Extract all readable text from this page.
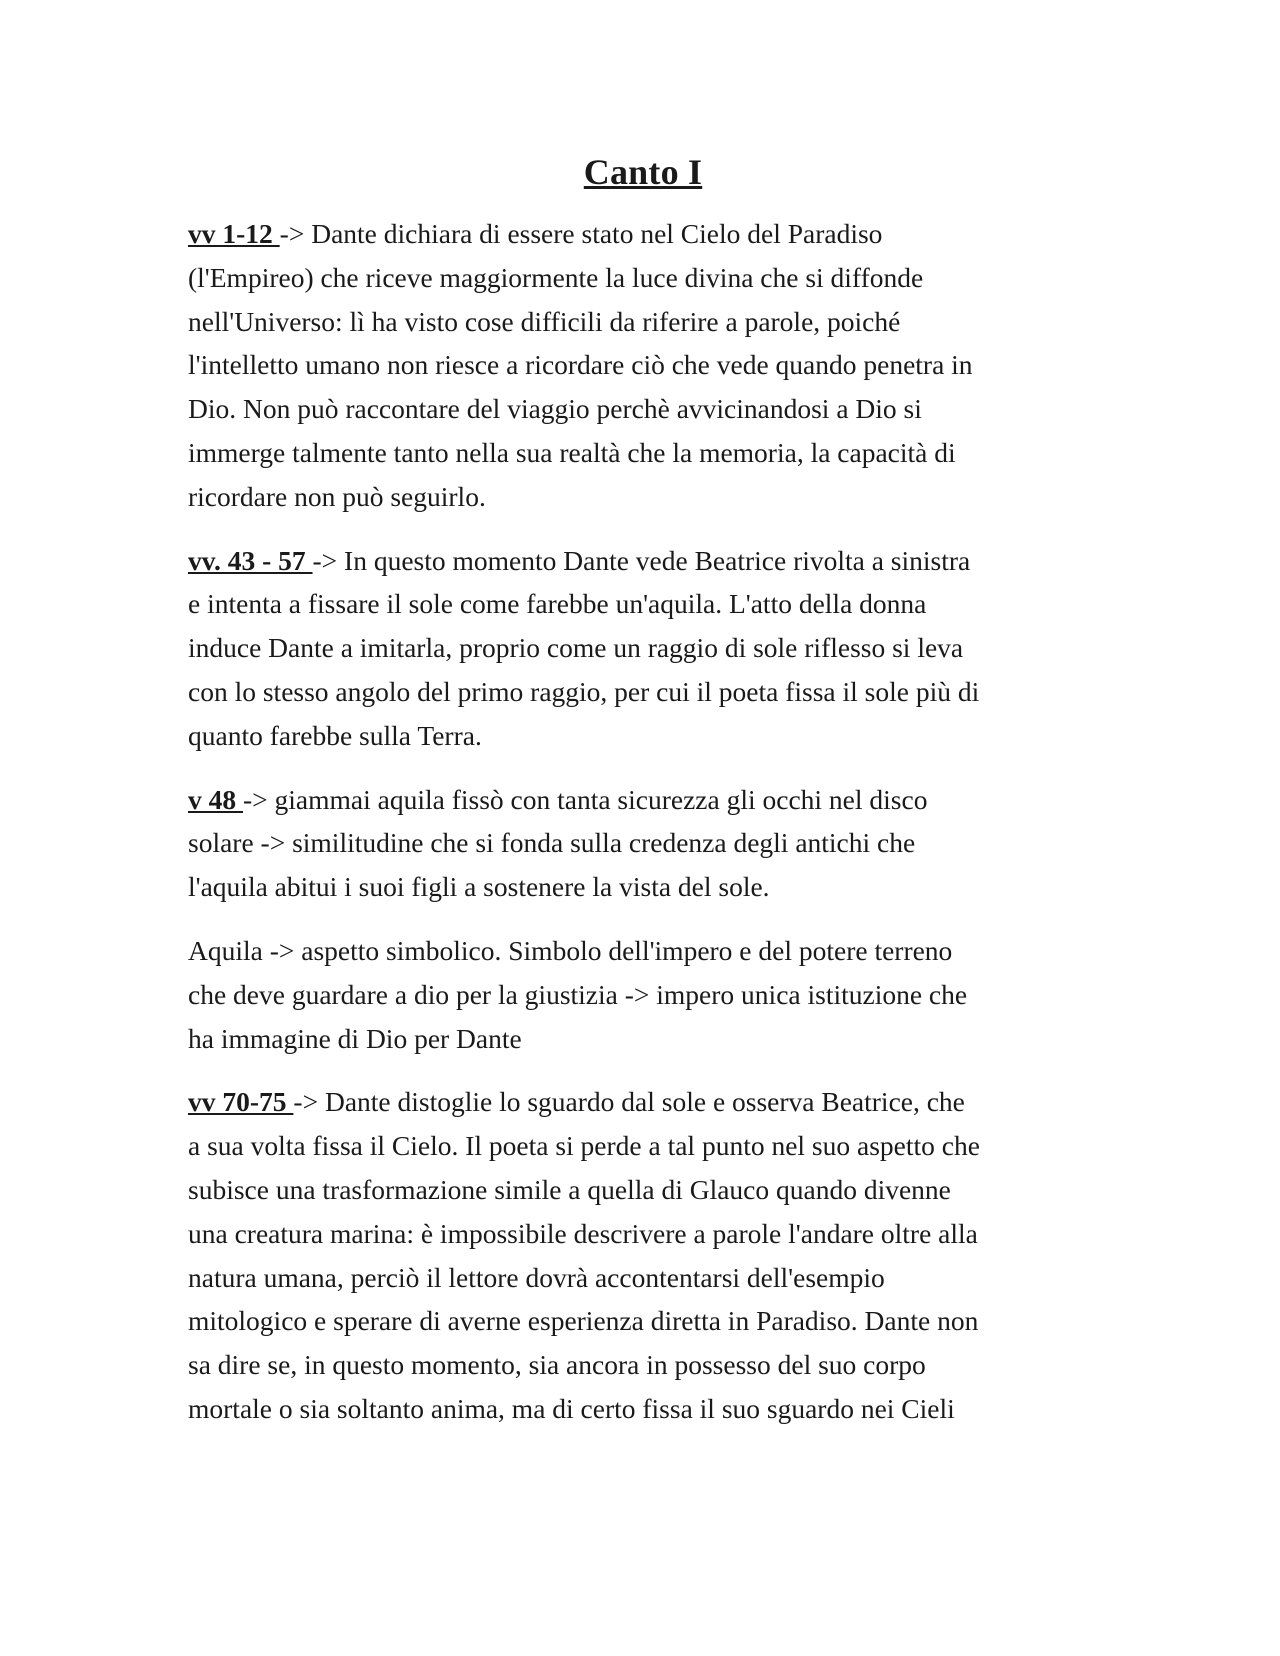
Canto I
vv 1-12 -> Dante dichiara di essere stato nel Cielo del Paradiso
(l'Empireo) che riceve maggiormente la luce divina che si diffonde
nell'Universo: lì ha visto cose difficili da riferire a parole, poiché
l'intelletto umano non riesce a ricordare ciò che vede quando penetra in
Dio. Non può raccontare del viaggio perchè avvicinandosi a Dio si
immerge talmente tanto nella sua realtà che la memoria, la capacità di
ricordare non può seguirlo.
vv. 43 - 57 -> In questo momento Dante vede Beatrice rivolta a sinistra
e intenta a fissare il sole come farebbe un'aquila. L'atto della donna
induce Dante a imitarla, proprio come un raggio di sole riflesso si leva
con lo stesso angolo del primo raggio, per cui il poeta fissa il sole più di
quanto farebbe sulla Terra.
v 48 -> giammai aquila fissò con tanta sicurezza gli occhi nel disco
solare -> similitudine che si fonda sulla credenza degli antichi che
l'aquila abitui i suoi figli a sostenere la vista del sole.
Aquila -> aspetto simbolico. Simbolo dell'impero e del potere terreno
che deve guardare a dio per la giustizia -> impero unica istituzione che
ha immagine di Dio per Dante
vv 70-75 -> Dante distoglie lo sguardo dal sole e osserva Beatrice, che
a sua volta fissa il Cielo. Il poeta si perde a tal punto nel suo aspetto che
subisce una trasformazione simile a quella di Glauco quando divenne
una creatura marina: è impossibile descrivere a parole l'andare oltre alla
natura umana, perciò il lettore dovrà accontentarsi dell'esempio
mitologico e sperare di averne esperienza diretta in Paradiso. Dante non
sa dire se, in questo momento, sia ancora in possesso del suo corpo
mortale o sia soltanto anima, ma di certo fissa il suo sguardo nei Cieli
